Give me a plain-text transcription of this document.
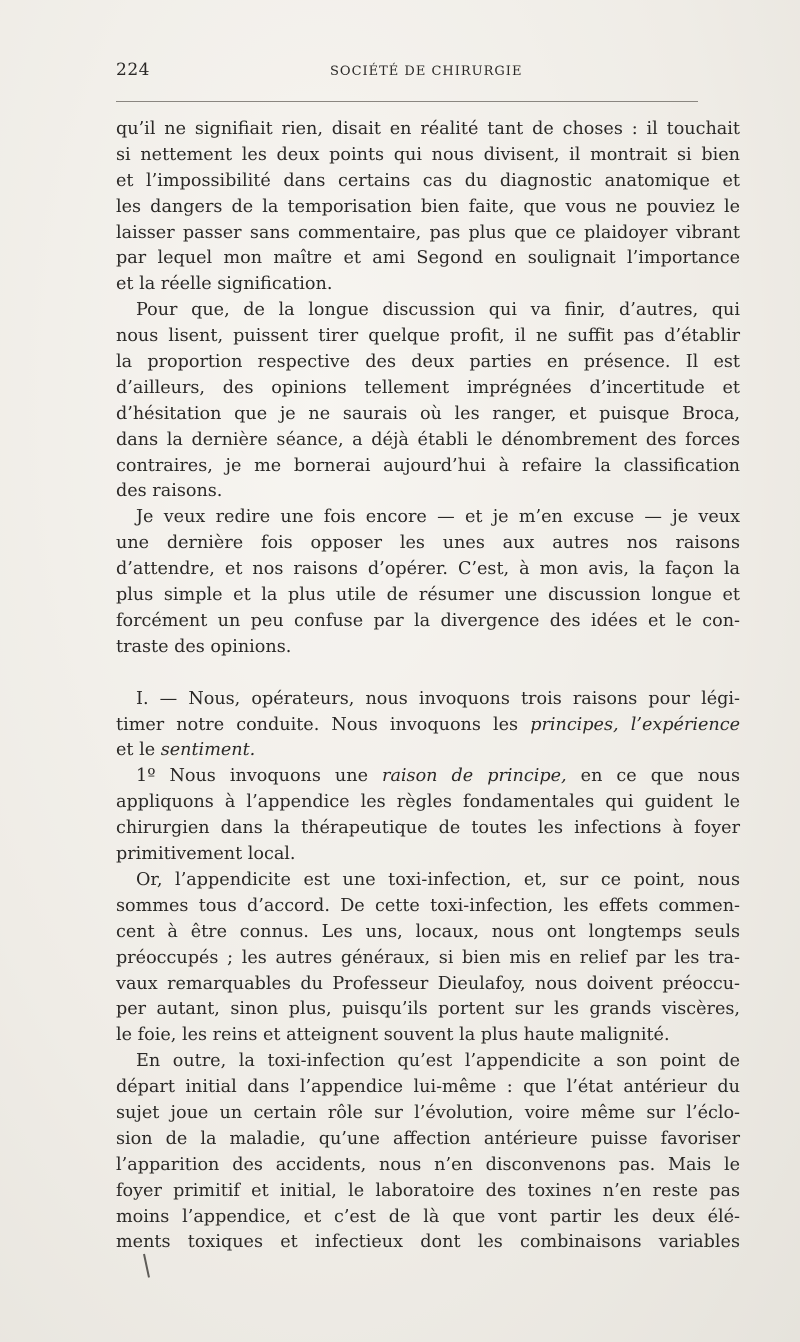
224	SOCIÉTÉ DE CHIRURGIE
qu’il ne signifiait rien, disait en réalité tant de choses : il touchait
si nettement les deux points qui nous divisent, il montrait si bien
et l’impossibilité dans certains cas du diagnostic anatomique et
les dangers de la temporisation bien faite, que vous ne pouviez le
laisser passer sans commentaire, pas plus que ce plaidoyer vibrant
par lequel mon maître et ami Segond en soulignait l’importance
et la réelle signification.
Pour que, de la longue discussion qui va finir, d’autres, qui
nous lisent, puissent tirer quelque profit, il ne suffit pas d’établir
la proportion respective des deux parties en présence. Il est
d’ailleurs, des opinions tellement imprégnées d’incertitude et
d’hésitation que je ne saurais où les ranger, et puisque Broca,
dans la dernière séance, a déjà établi le dénombrement des forces
contraires, je me bornerai aujourd’hui à refaire la classification
des raisons.
Je veux redire une fois encore — et je m’en excuse — je veux
une dernière fois opposer les unes aux autres nos raisons
d’attendre, et nos raisons d’opérer. C’est, à mon avis, la façon la
plus simple et la plus utile de résumer une discussion longue et
forcément un peu confuse par la divergence des idées et le con-
traste des opinions.
I. — Nous, opérateurs, nous invoquons trois raisons pour légi-
timer notre conduite. Nous invoquons les principes, l’expérience
et le sentiment.
1º Nous invoquons une raison de principe, en ce que nous
appliquons à l’appendice les règles fondamentales qui guident le
chirurgien dans la thérapeutique de toutes les infections à foyer
primitivement local.
Or, l’appendicite est une toxi-infection, et, sur ce point, nous
sommes tous d’accord. De cette toxi-infection, les effets commen-
cent à être connus. Les uns, locaux, nous ont longtemps seuls
préoccupés ; les autres généraux, si bien mis en relief par les tra-
vaux remarquables du Professeur Dieulafoy, nous doivent préoccu-
per autant, sinon plus, puisqu’ils portent sur les grands viscères,
le foie, les reins et atteignent souvent la plus haute malignité.
En outre, la toxi-infection qu’est l’appendicite a son point de
départ initial dans l’appendice lui-même : que l’état antérieur du
sujet joue un certain rôle sur l’évolution, voire même sur l’éclo-
sion de la maladie, qu’une affection antérieure puisse favoriser
l’apparition des accidents, nous n’en disconvenons pas. Mais le
foyer primitif et initial, le laboratoire des toxines n’en reste pas
moins l’appendice, et c’est de là que vont partir les deux élé-
ments toxiques et infectieux dont les combinaisons variables
